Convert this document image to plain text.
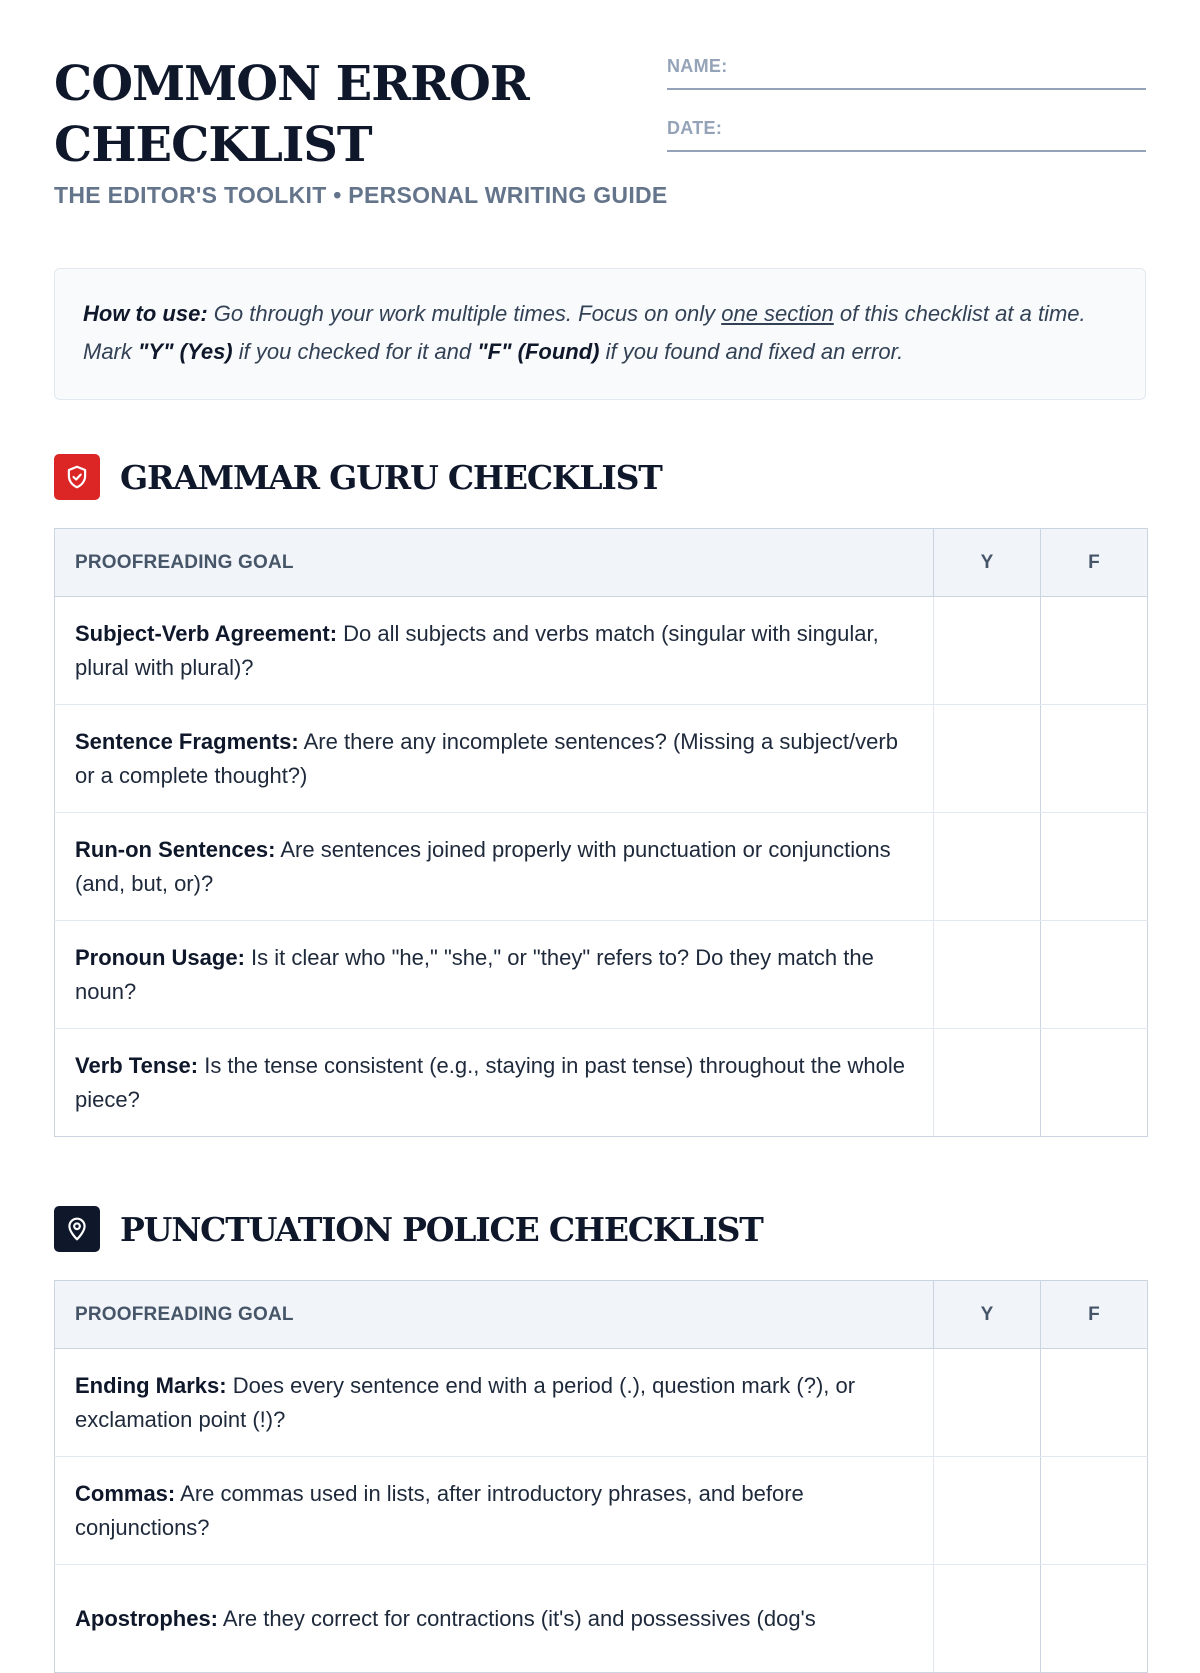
COMMON ERROR
CHECKLIST
THE EDITOR'S TOOLKIT • PERSONAL WRITING GUIDE
NAME:
DATE:
How to use: Go through your work multiple times. Focus on only one section of this checklist at a time. Mark "Y" (Yes) if you checked for it and "F" (Found) if you found and fixed an error.
GRAMMAR GURU CHECKLIST
PROOFREADING GOAL	Y	F
Subject-Verb Agreement: Do all subjects and verbs match (singular with singular, plural with plural)?		
Sentence Fragments: Are there any incomplete sentences? (Missing a subject/verb or a complete thought?)		
Run-on Sentences: Are sentences joined properly with punctuation or conjunctions (and, but, or)?		
Pronoun Usage: Is it clear who "he," "she," or "they" refers to? Do they match the noun?		
Verb Tense: Is the tense consistent (e.g., staying in past tense) throughout the whole piece?		
PUNCTUATION POLICE CHECKLIST
PROOFREADING GOAL	Y	F
Ending Marks: Does every sentence end with a period (.), question mark (?), or exclamation point (!)?		
Commas: Are commas used in lists, after introductory phrases, and before conjunctions?		
Apostrophes: Are they correct for contractions (it's) and possessives (dog's		
